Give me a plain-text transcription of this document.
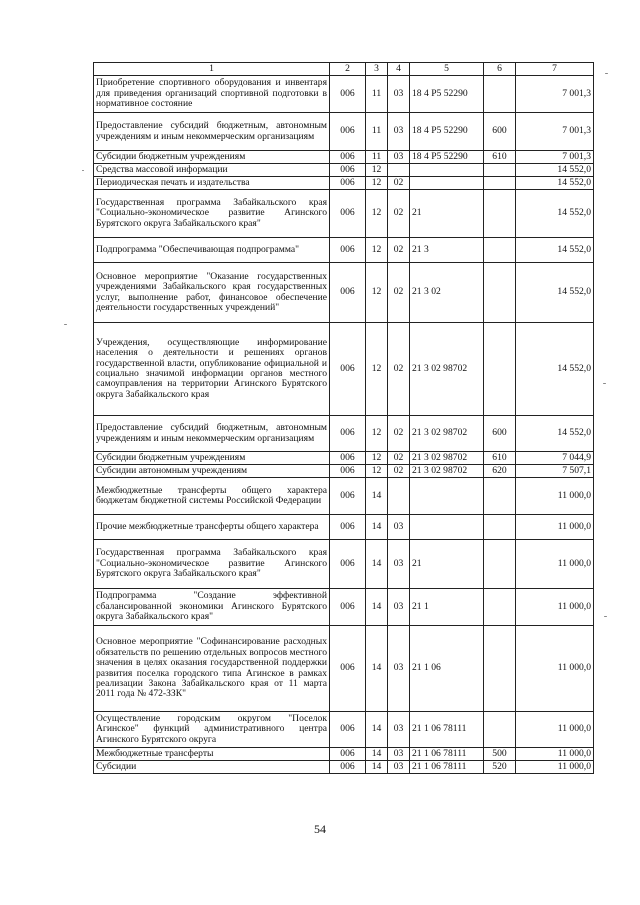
1	2	3	4	5	6	7
Приобретение спортивного оборудования и инвентаря для приведения организаций спортивной подготовки в нормативное состояние	006	11	03	18 4 P5 52290		7 001,3
Предоставление субсидий бюджетным, автономным учреждениям и иным некоммерческим организациям	006	11	03	18 4 P5 52290	600	7 001,3
Субсидии бюджетным учреждениям	006	11	03	18 4 P5 52290	610	7 001,3
Средства массовой информации	006	12				14 552,0
Периодическая печать и издательства	006	12	02			14 552,0
Государственная программа Забайкальского края "Социально-экономическое развитие Агинского Бурятского округа Забайкальского края"	006	12	02	21		14 552,0
Подпрограмма "Обеспечивающая подпрограмма"	006	12	02	21 3		14 552,0
Основное мероприятие "Оказание государственных учреждениями Забайкальского края государственных услуг, выполнение работ, финансовое обеспечение деятельности государственных учреждений"	006	12	02	21 3 02		14 552,0
Учреждения, осуществляющие информирование населения о деятельности и решениях органов государственной власти, опубликование официальной и социально значимой информации органов местного самоуправления на территории Агинского Бурятского округа Забайкальского края	006	12	02	21 3 02 98702		14 552,0
Предоставление субсидий бюджетным, автономным учреждениям и иным некоммерческим организациям	006	12	02	21 3 02 98702	600	14 552,0
Субсидии бюджетным учреждениям	006	12	02	21 3 02 98702	610	7 044,9
Субсидии автономным учреждениям	006	12	02	21 3 02 98702	620	7 507,1
Межбюджетные трансферты общего характера бюджетам бюджетной системы Российской Федерации	006	14				11 000,0
Прочие межбюджетные трансферты общего характера	006	14	03			11 000,0
Государственная программа Забайкальского края "Социально-экономическое развитие Агинского Бурятского округа Забайкальского края"	006	14	03	21		11 000,0
Подпрограмма "Создание эффективной сбалансированной экономики Агинского Бурятского округа Забайкальского края"	006	14	03	21 1		11 000,0
Основное мероприятие "Софинансирование расходных обязательств по решению отдельных вопросов местного значения в целях оказания государственной поддержки развития поселка городского типа Агинское в рамках реализации Закона Забайкальского края от 11 марта 2011 года № 472-ЗЗК"	006	14	03	21 1 06		11 000,0
Осуществление городским округом "Поселок Агинское" функций административного центра Агинского Бурятского округа	006	14	03	21 1 06 78111		11 000,0
Межбюджетные трансферты	006	14	03	21 1 06 78111	500	11 000,0
Субсидии	006	14	03	21 1 06 78111	520	11 000,0
54
